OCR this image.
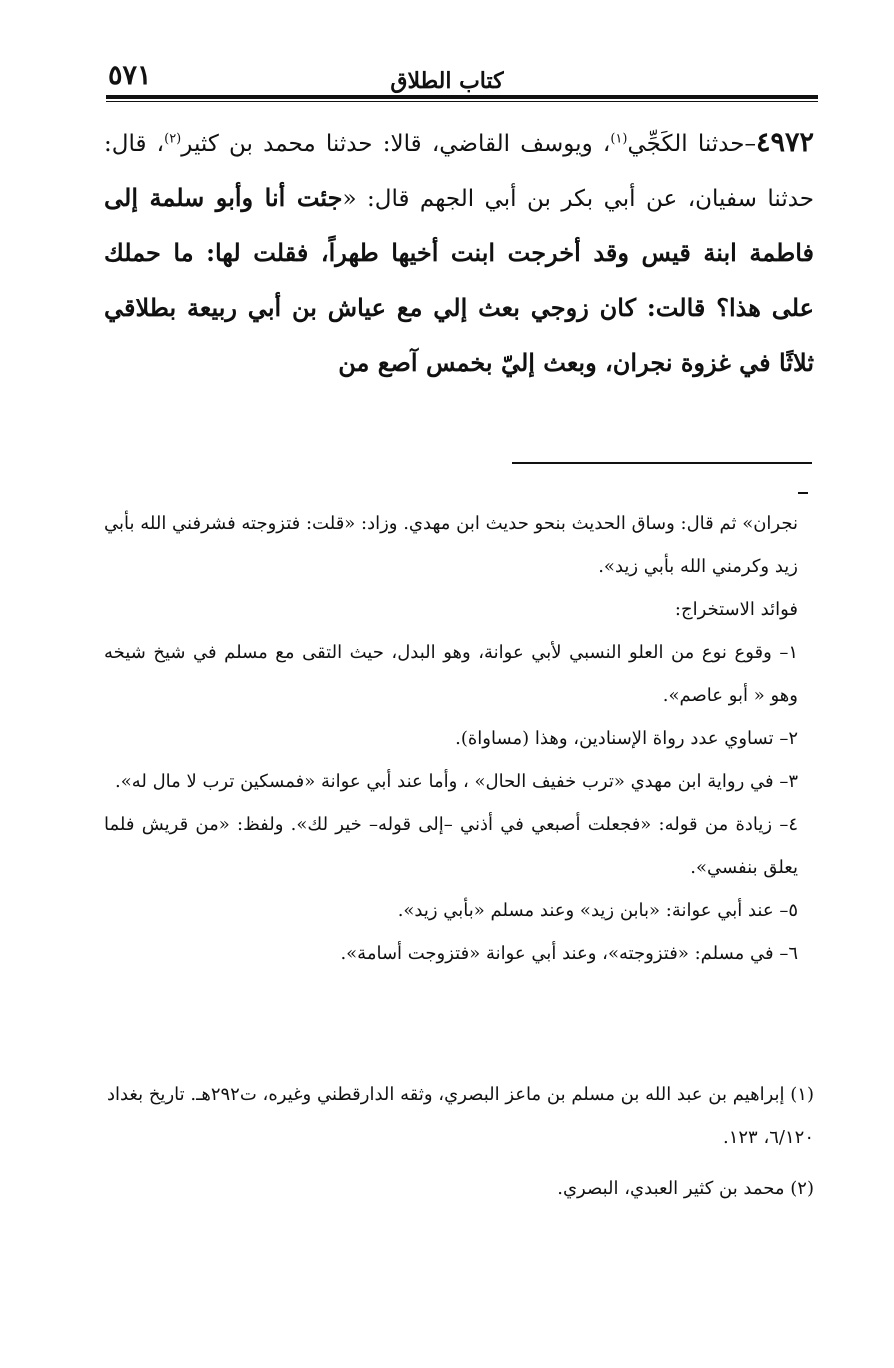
٥٧١	كتاب الطلاق
٤٩٧٢–حدثنا الكَجِّي$^{(١)}$، ويوسف القاضي، قالا: حدثنا محمد بن كثير$^{(٢)}$، قال: حدثنا سفيان، عن أبي بكر بن أبي الجهم قال: «جئت أنا وأبو سلمة إلى فاطمة ابنة قيس وقد أخرجت ابنت أخيها طهراً، فقلت لها: ما حملك على هذا؟ قالت: كان زوجي بعث إلي مع عياش بن أبي ربيعة بطلاقي ثلاثًا في غزوة نجران، وبعث إليّ بخمس آصع من

نجران» ثم قال: وساق الحديث بنحو حديث ابن مهدي. وزاد: «قلت: فتزوجته فشرفني الله بأبي زيد وكرمني الله بأبي زيد».

فوائد الاستخراج:

١– وقوع نوع من العلو النسبي لأبي عوانة، وهو البدل، حيث التقى مع مسلم في شيخ شيخه وهو « أبو عاصم».

٢– تساوي عدد رواة الإسنادين، وهذا (مساواة).

٣– في رواية ابن مهدي «ترب خفيف الحال» ، وأما عند أبي عوانة «فمسكين ترب لا مال له».

٤– زيادة من قوله: «فجعلت أصبعي في أذني –إلى قوله– خير لك». ولفظ: «من قريش فلما يعلق بنفسي».

٥– عند أبي عوانة: «بابن زيد» وعند مسلم «بأبي زيد».

٦– في مسلم: «فتزوجته»، وعند أبي عوانة «فتزوجت أسامة».

(١) إبراهيم بن عبد الله بن مسلم بن ماعز البصري، وثقه الدارقطني وغيره، ت٢٩٢هـ. تاريخ بغداد ٦/١٢٠، ١٢٣.
(٢) محمد بن كثير العبدي، البصري.
